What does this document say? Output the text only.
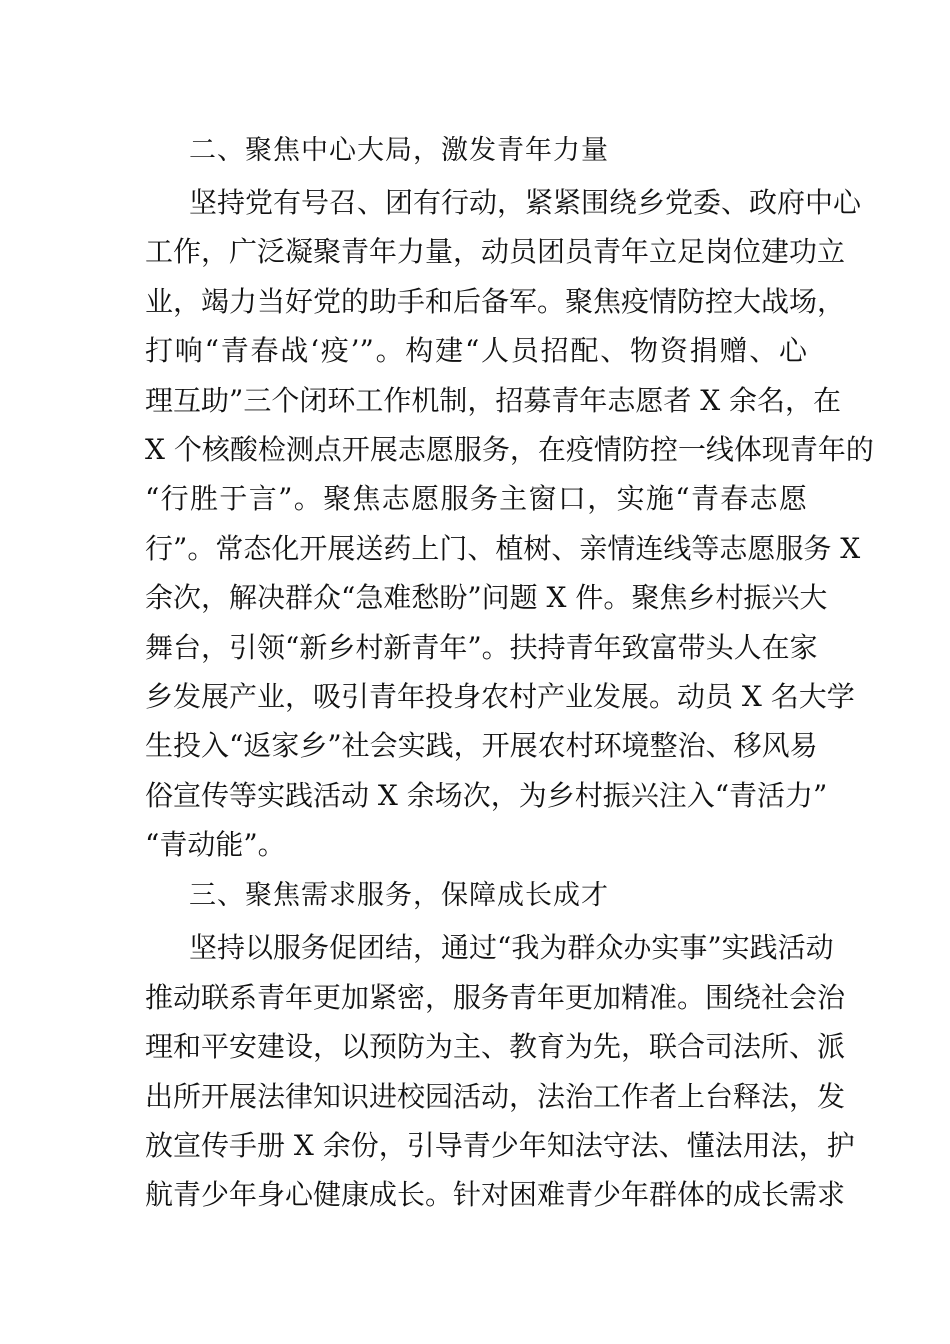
二、聚焦中心大局，激发青年力量
坚持党有号召、团有行动，紧紧围绕乡党委、政府中心
工作，广泛凝聚青年力量，动员团员青年立足岗位建功立
业，竭力当好党的助手和后备军。聚焦疫情防控大战场，
打响“青春战‘疫’”。构建“人员招配、物资捐赠、心
理互助”三个闭环工作机制，招募青年志愿者 X 余名，在
X 个核酸检测点开展志愿服务，在疫情防控一线体现青年的
“行胜于言”。聚焦志愿服务主窗口，实施“青春志愿
行”。常态化开展送药上门、植树、亲情连线等志愿服务 X
余次，解决群众“急难愁盼”问题 X 件。聚焦乡村振兴大
舞台，引领“新乡村新青年”。扶持青年致富带头人在家
乡发展产业，吸引青年投身农村产业发展。动员 X 名大学
生投入“返家乡”社会实践，开展农村环境整治、移风易
俗宣传等实践活动 X 余场次，为乡村振兴注入“青活力”
“青动能”。
三、聚焦需求服务，保障成长成才
坚持以服务促团结，通过“我为群众办实事”实践活动
推动联系青年更加紧密，服务青年更加精准。围绕社会治
理和平安建设，以预防为主、教育为先，联合司法所、派
出所开展法律知识进校园活动，法治工作者上台释法，发
放宣传手册 X 余份，引导青少年知法守法、懂法用法，护
航青少年身心健康成长。针对困难青少年群体的成长需求
